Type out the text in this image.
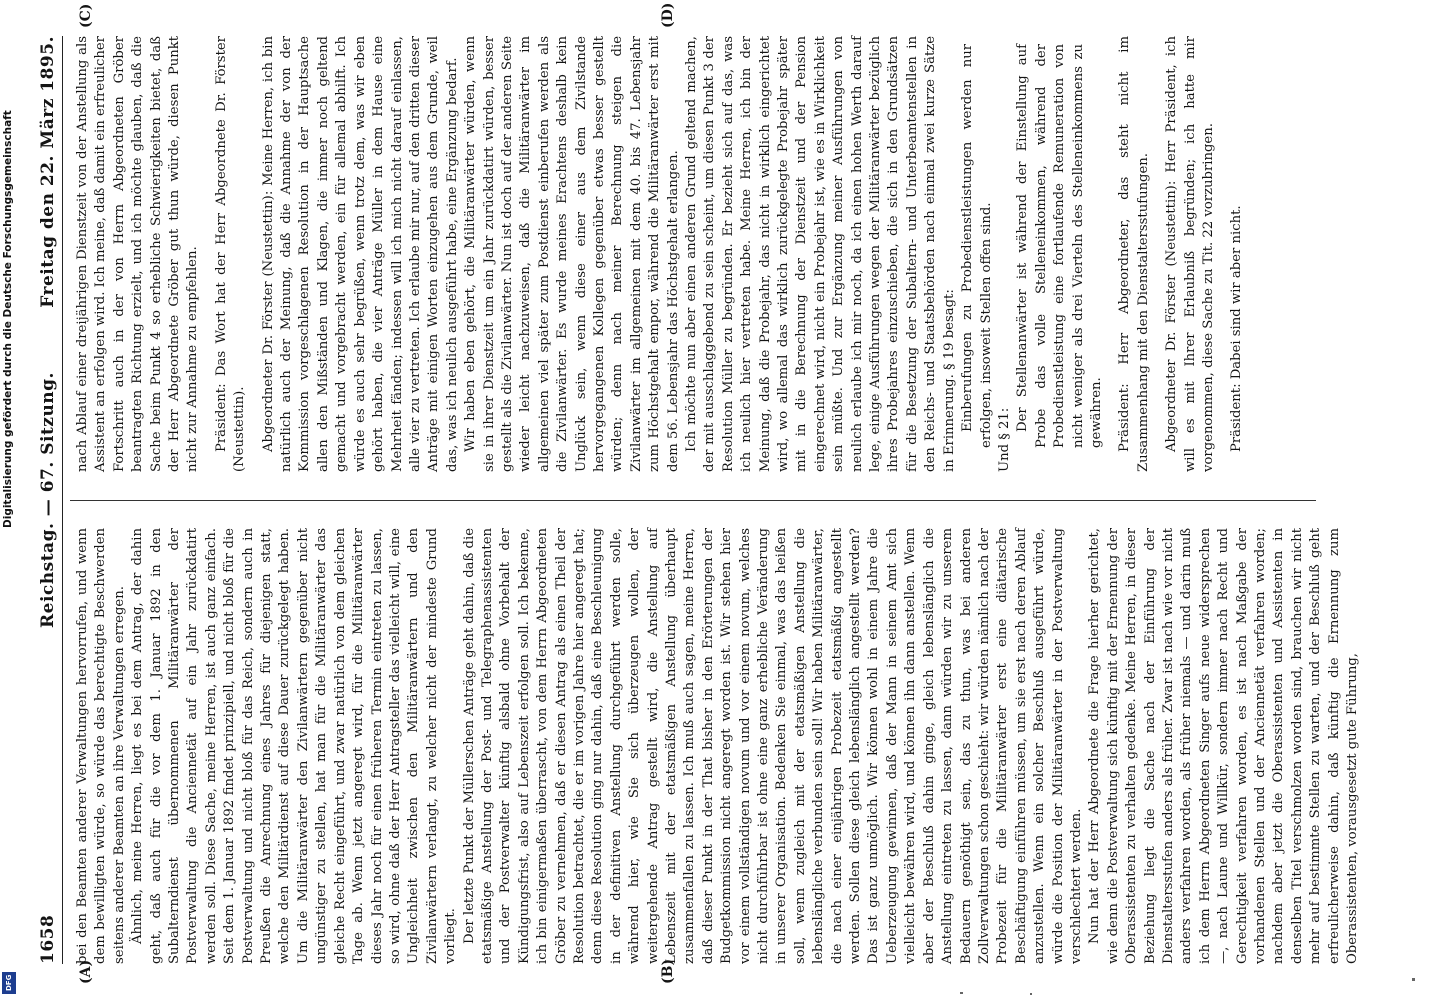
1658
Reichstag. — 67. Sitzung.
Freitag den 22. März 1895.
(A)	(B)
(C)	(D)

bei den Beamten anderer Verwaltungen hervorrufen, und wenn dem bewilligten würde, so würde das berechtigte Beschwerden seitens anderer Beamten an ihre Verwaltungen erregen. Ähnlich, meine Herren, liegt es bei dem Antrag, der dahin geht, daß auch für die vor dem 1. Januar 1892 in den Subalterndienst übernommenen Militäranwärter der Postverwaltung die Anciennetät auf ein Jahr zurückdatirt werden soll. Diese Sache, meine Herren, ist auch ganz einfach. Seit dem 1. Januar 1892 findet prinzipiell, und nicht bloß für die Postverwaltung und nicht bloß für das Reich, sondern auch in Preußen die Anrechnung eines Jahres für diejenigen statt, welche den Militärdienst auf diese Dauer zurückgelegt haben. Um die Militäranwärter den Zivilanwärtern gegenüber nicht ungünstiger zu stellen, hat man für die Militäranwärter das gleiche Recht eingeführt, und zwar natürlich von dem gleichen Tage ab. Wenn jetzt angeregt wird, für die Militäranwärter dieses Jahr noch für einen früheren Termin eintreten zu lassen, so wird, ohne daß der Herr Antragsteller das vielleicht will, eine Ungleichheit zwischen den Militäranwärtern und den Zivilanwärtern verlangt, zu welcher nicht der mindeste Grund vorliegt. Der letzte Punkt der Müllerschen Anträge geht dahin, daß die etatsmäßige Anstellung der Post- und Telegraphenassistenten und der Postverwalter künftig alsbald ohne Vorbehalt der Kündigungsfrist, also auf Lebenszeit erfolgen soll. Ich bekenne, ich bin einigermaßen überrascht, von dem Herrn Abgeordneten Gröber zu vernehmen, daß er diesen Antrag als einen Theil der Resolution betrachtet, die er im vorigen Jahre hier angeregt hat; denn diese Resolution ging nur dahin, daß eine Beschleunigung in der definitiven Anstellung durchgeführt werden solle, während hier, wie Sie sich überzeugen wollen, der weitergehende Antrag gestellt wird, die Anstellung auf Lebenszeit mit der etatsmäßigen Anstellung überhaupt zusammenfallen zu lassen. Ich muß auch sagen, meine Herren, daß dieser Punkt in der That bisher in den Erörterungen der Budgetkommission nicht angeregt worden ist. Wir stehen hier vor einem vollständigen novum und vor einem novum, welches nicht durchführbar ist ohne eine ganz erhebliche Veränderung in unserer Organisation. Bedenken Sie einmal, was das heißen soll, wenn zugleich mit der etatsmäßigen Anstellung die lebenslängliche verbunden sein soll! Wir haben Militäranwärter, die nach einer einjährigen Probezeit etatsmäßig angestellt werden. Sollen diese gleich lebenslänglich angestellt werden? Das ist ganz unmöglich. Wir können wohl in einem Jahre die Ueberzeugung gewinnen, daß der Mann in seinem Amt sich vielleicht bewähren wird, und können ihn dann anstellen. Wenn aber der Beschluß dahin ginge, gleich lebenslänglich die Anstellung eintreten zu lassen, dann würden wir zu unserem Bedauern genöthigt sein, das zu thun, was bei anderen Zollverwaltungen schon geschieht: wir würden nämlich nach der Probezeit für die Militäranwärter erst eine diätarische Beschäftigung einführen müssen, um sie erst nach deren Ablauf anzustellen. Wenn ein solcher Beschluß ausgeführt würde, würde die Position der Militäranwärter in der Postverwaltung verschlechtert werden. Nun hat der Herr Abgeordnete die Frage hierher gerichtet, wie denn die Postverwaltung sich künftig mit der Ernennung der Oberassistenten zu verhalten gedenke. Meine Herren, in dieser Beziehung liegt die Sache nach der Einführung der Dienstaltersstufen anders als früher. Zwar ist nach wie vor nicht anders verfahren worden, als früher niemals — und darin muß ich dem Herrn Abgeordneten Singer aufs neue widersprechen —, nach Laune und Willkür, sondern immer nach Recht und Gerechtigkeit verfahren worden, es ist nach Maßgabe der vorhandenen Stellen und der Anciennetät verfahren worden; nachdem aber jetzt die Oberassistenten und Assistenten in denselben Titel verschmolzen worden sind, brauchen wir nicht mehr auf bestimmte Stellen zu warten, und der Beschluß geht erfreulicherweise dahin, daß künftig die Ernennung zum Oberassistenten, vorausgesetzt gute Führung,

nach Ablauf einer dreijährigen Dienstzeit von der Anstellung als Assistent an erfolgen wird. Ich meine, daß damit ein erfreulicher Fortschritt auch in der von Herrn Abgeordneten Gröber beantragten Richtung erzielt, und ich möchte glauben, daß die Sache beim Punkt 4 so erhebliche Schwierigkeiten bietet, daß der Herr Abgeordnete Gröber gut thun würde, diesen Punkt nicht zur Annahme zu empfehlen. Präsident: Das Wort hat der Herr Abgeordnete Dr. Förster (Neustettin). Abgeordneter Dr. Förster (Neustettin): Meine Herren, ich bin natürlich auch der Meinung, daß die Annahme der von der Kommission vorgeschlagenen Resolution in der Hauptsache allen den Mißständen und Klagen, die immer noch geltend gemacht und vorgebracht werden, ein für allemal abhilft. Ich würde es auch sehr begrüßen, wenn trotz dem, was wir eben gehört haben, die vier Anträge Müller in dem Hause eine Mehrheit fänden; indessen will ich mich nicht darauf einlassen, alle vier zu vertreten. Ich erlaube mir nur, auf den dritten dieser Anträge mit einigen Worten einzugehen aus dem Grunde, weil das, was ich neulich ausgeführt habe, eine Ergänzung bedarf. Wir haben eben gehört, die Militäranwärter würden, wenn sie in ihrer Dienstzeit um ein Jahr zurückdatirt würden, besser gestellt als die Zivilanwärter. Nun ist doch auf der anderen Seite wieder leicht nachzuweisen, daß die Militäranwärter im allgemeinen viel später zum Postdienst einberufen werden als die Zivilanwärter. Es wurde meines Erachtens deshalb kein Unglück sein, wenn diese einer aus dem Zivilstande hervorgegangenen Kollegen gegenüber etwas besser gestellt würden; denn nach meiner Berechnung steigen die Zivilanwärter im allgemeinen mit dem 40. bis 47. Lebensjahr zum Höchstgehalt empor, während die Militäranwärter erst mit dem 56. Lebensjahr das Höchstgehalt erlangen. Ich möchte nun aber einen anderen Grund geltend machen, der mit ausschlaggebend zu sein scheint, um diesen Punkt 3 der Resolution Müller zu begründen. Er bezieht sich auf das, was ich neulich hier vertreten habe. Meine Herren, ich bin der Meinung, daß die Probejahr, das nicht in wirklich eingerichtet wird, wo allemal das wirklich zurückgelegte Probejahr später mit in die Berechnung der Dienstzeit und der Pension eingerechnet wird, nicht ein Probejahr ist, wie es in Wirklichkeit sein müßte. Und zur Ergänzung meiner Ausführungen von neulich erlaube ich mir noch, da ich einen hohen Werth darauf lege, einige Ausführungen wegen der Militäranwärter bezüglich ihres Probejahres einzuschieben, die sich in den Grundsätzen für die Besetzung der Subaltern- und Unterbeamtenstellen in den Reichs- und Staatsbehörden nach einmal zwei kurze Sätze in Erinnerung. § 19 besagt: Einberufungen zu Probedienstleistungen werden nur erfolgen, insoweit Stellen offen sind. Und § 21:

Der Stellenanwärter ist während der Einstellung auf Probe das volle Stelleneinkommen, während der Probedienstleistung eine fortlaufende Remuneration von nicht weniger als drei Vierteln des Stelleneinkommens zu gewähren. Präsident: Herr Abgeordneter, das steht nicht im Zusammenhang mit den Dienstaltersstufungen. Abgeordneter Dr. Förster (Neustettin): Herr Präsident, ich will es mit Ihrer Erlaubniß begründen; ich hatte mir vorgenommen, diese Sache zu Tit. 22 vorzubringen. Präsident: Dabei sind wir aber nicht.

Digitalisierung gefördert durch die Deutsche Forschungsgemeinschaft
DFG
